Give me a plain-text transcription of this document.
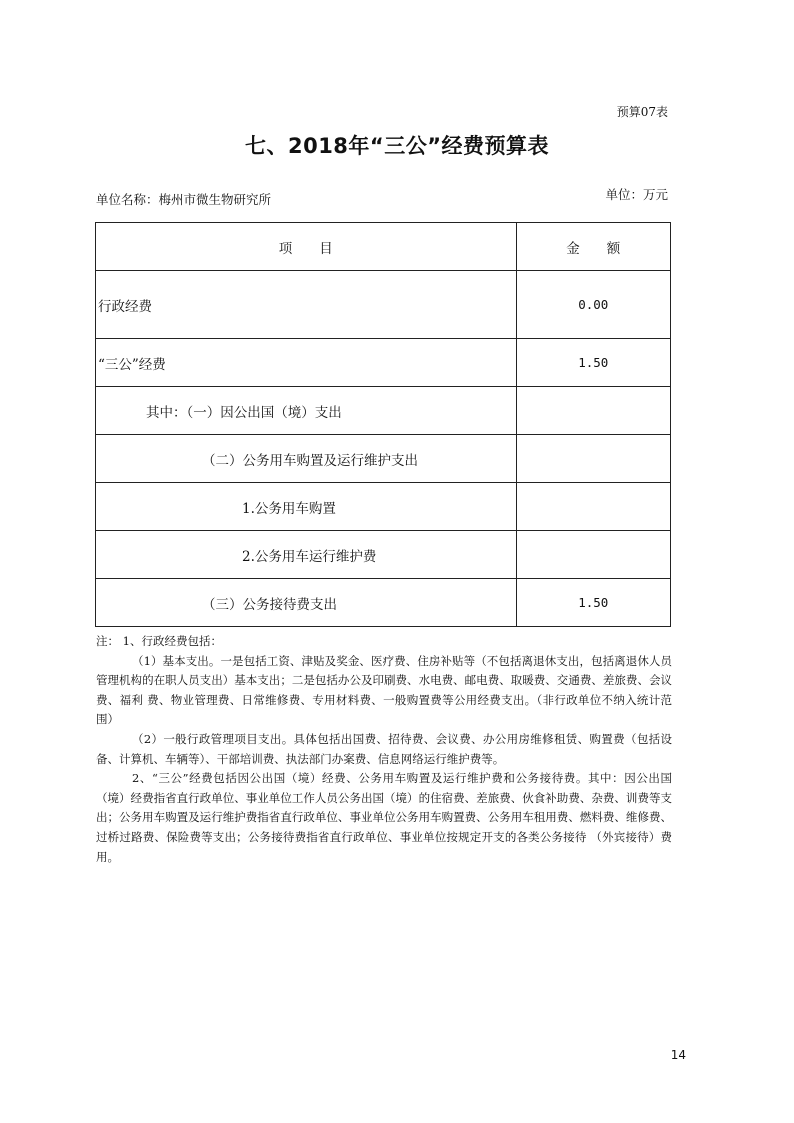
预算07表
七、2018年“三公”经费预算表
单位名称：梅州市微生物研究所	单位：万元
项　　目	金　　额
行政经费	0.00
“三公”经费	1.50
其中：（一）因公出国（境）支出	
（二）公务用车购置及运行维护支出	
1.公务用车购置	
2.公务用车运行维护费	
（三）公务接待费支出	1.50

注： 1、行政经费包括：

（1）基本支出。一是包括工资、津贴及奖金、医疗费、住房补贴等（不包括离退休支出，包括离退休人员管理机构的在职人员支出）基本支出；二是包括办公及印刷费、水电费、邮电费、取暖费、交通费、差旅费、会议费、福利 费、物业管理费、日常维修费、专用材料费、一般购置费等公用经费支出。（非行政单位不纳入统计范围）

（2）一般行政管理项目支出。具体包括出国费、招待费、会议费、办公用房维修租赁、购置费（包括设备、计算机、车辆等）、干部培训费、执法部门办案费、信息网络运行维护费等。

2、“三公”经费包括因公出国（境）经费、公务用车购置及运行维护费和公务接待费。其中：因公出国（境）经费指省直行政单位、事业单位工作人员公务出国（境）的住宿费、差旅费、伙食补助费、杂费、训费等支出；公务用车购置及运行维护费指省直行政单位、事业单位公务用车购置费、公务用车租用费、燃料费、维修费、过桥过路费、保险费等支出；公务接待费指省直行政单位、事业单位按规定开支的各类公务接待 （外宾接待）费用。

14
